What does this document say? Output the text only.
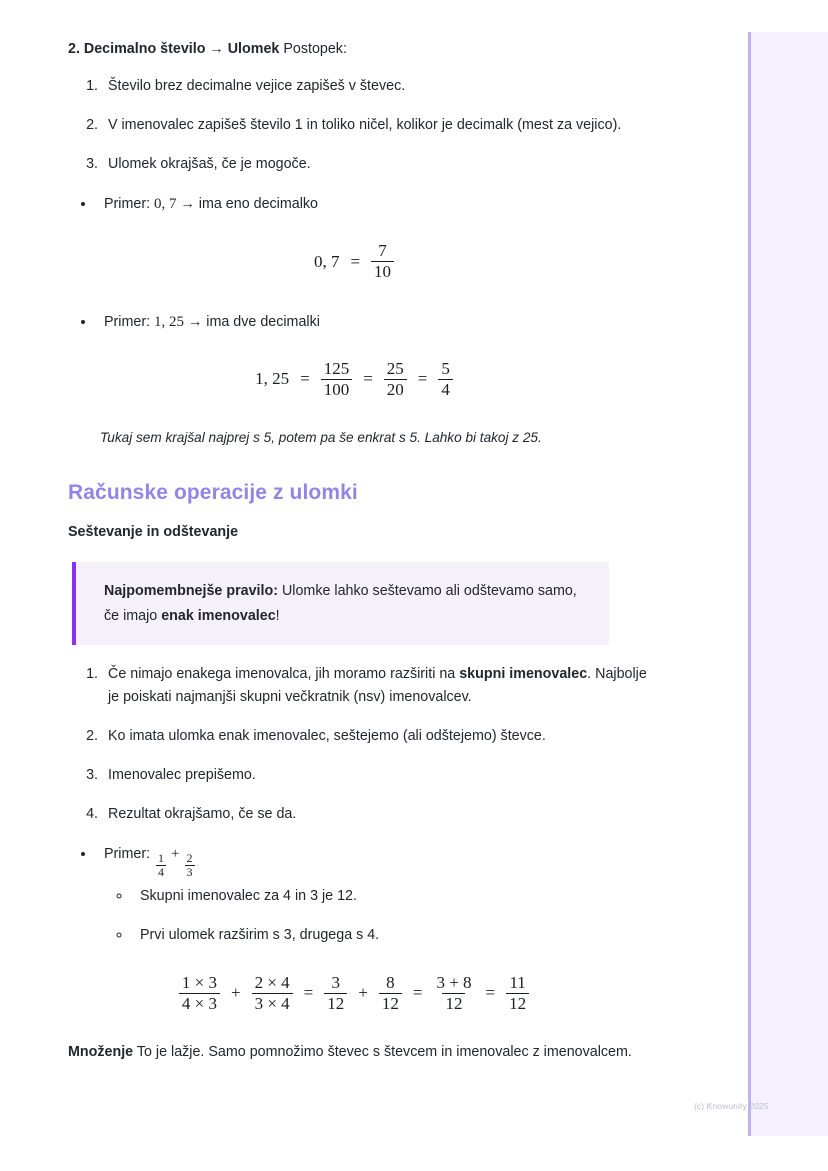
2. Decimalno število → Ulomek Postopek:

1. Število brez decimalne vejice zapišeš v števec.
2. V imenovalec zapišeš število 1 in toliko ničel, kolikor je decimalk (mest za vejico).
3. Ulomek okrajšaš, če je mogoče.
• Primer: 0, 7 → ima eno decimalko
0, $7 = \frac{7}{10}$
• Primer: 1, 25 → ima dve decimalki
1, $25 = \frac{125}{100} = \frac{25}{20} = \frac{5}{4}$

Tukaj sem krajšal najprej s 5, potem pa še enkrat s 5. Lahko bi takoj z 25.

Računske operacije z ulomki
Seštevanje in odštevanje

Najpomembnejše pravilo: Ulomke lahko seštevamo ali odštevamo samo, če imajo enak imenovalec!

1. Če nimajo enakega imenovalca, jih moramo razširiti na skupni imenovalec. Najbolje je poiskati najmanjši skupni večkratnik (nsv) imenovalcev.
2. Ko imata ulomka enak imenovalec, seštejemo (ali odštejemo) števce.
3. Imenovalec prepišemo.
4. Rezultat okrajšamo, če se da.
• Primer: $\frac{1}{4} + \frac{2}{3}$
◦ Skupni imenovalec za 4 in 3 je 12.
◦ Prvi ulomek razširim s 3, drugega s 4.
$\frac{1 \times 3}{4 \times 3} + \frac{2 \times 4}{3 \times 4} = \frac{3}{12} + \frac{8}{12} = \frac{3 + 8}{12} = \frac{11}{12}$

Množenje To je lažje. Samo pomnožimo števec s števcem in imenovalec z imenovalcem.

(c) Knowunity 2025
